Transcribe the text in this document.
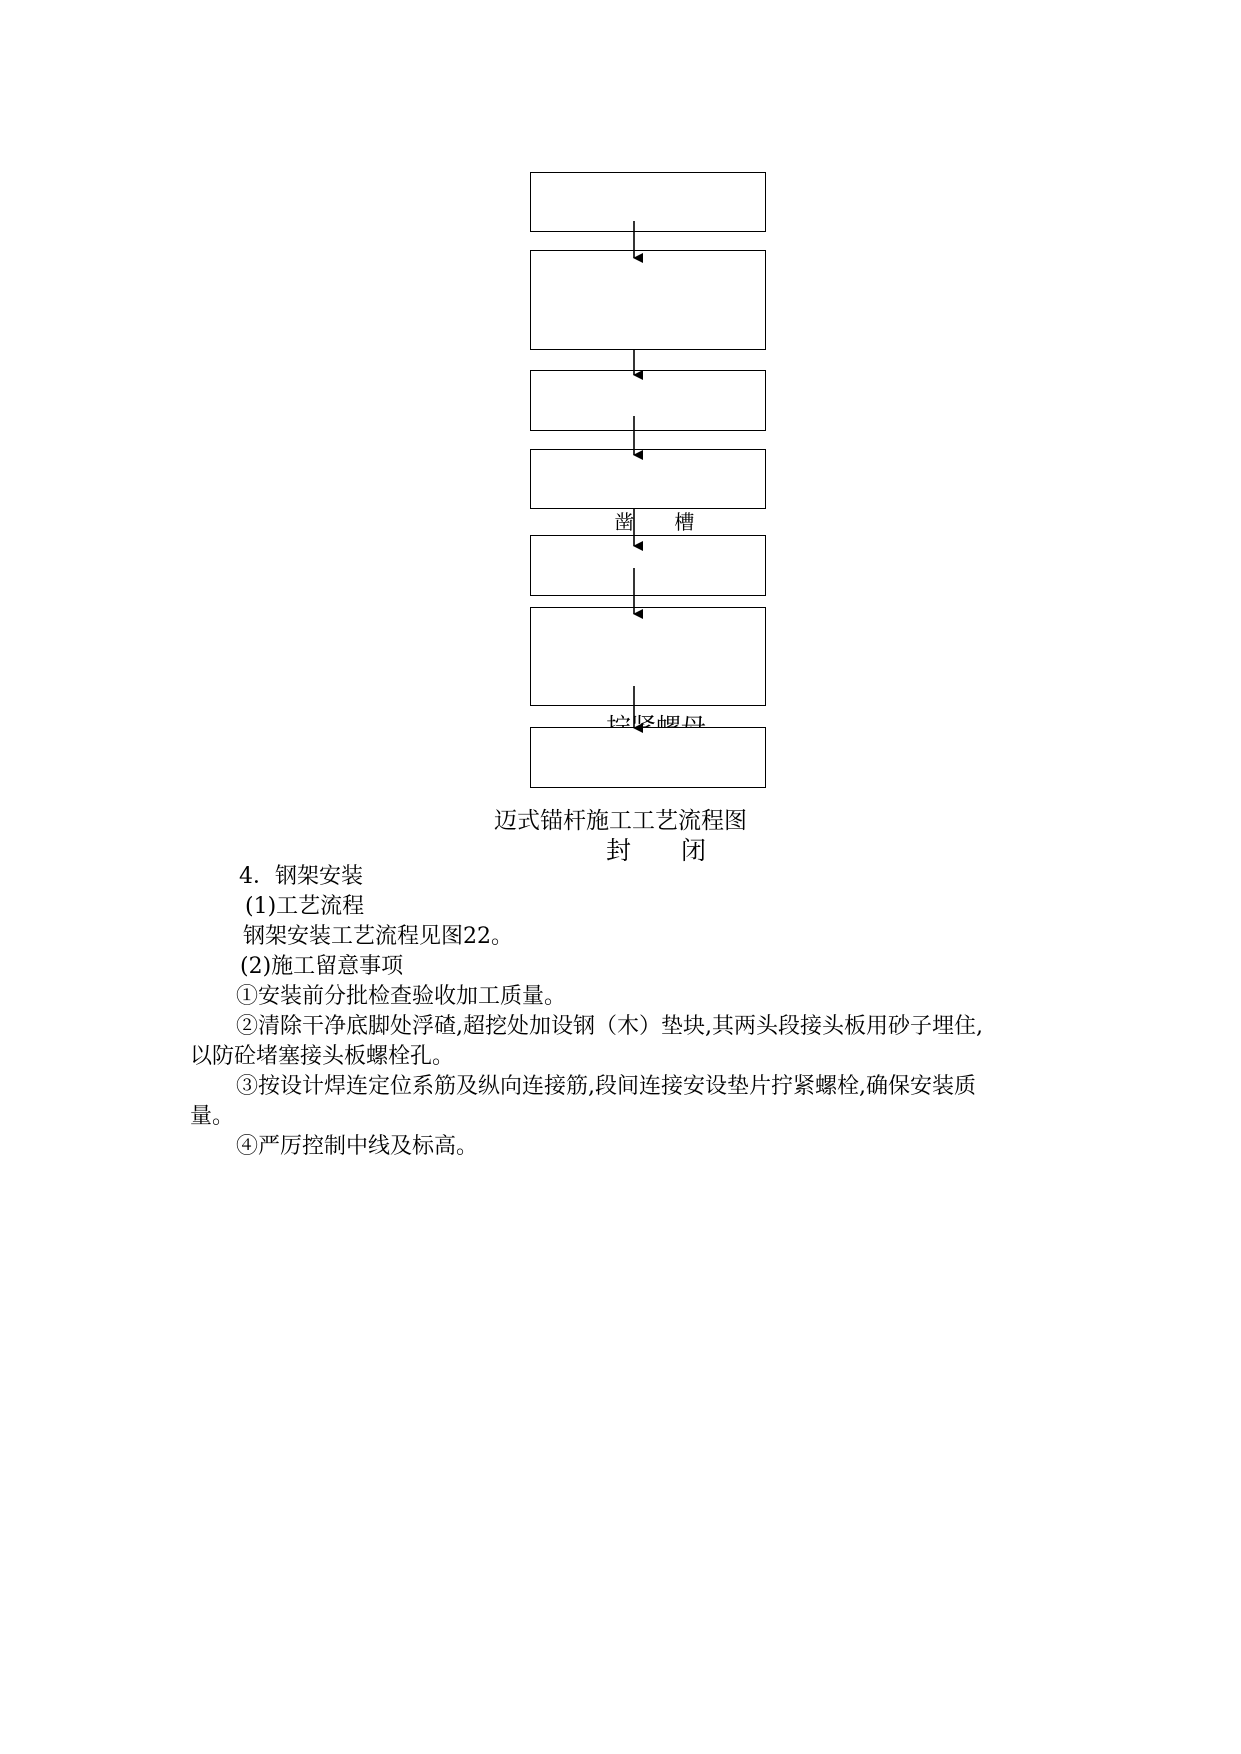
凿　　槽

封　　闭

迈式锚杆施工工艺流程图
4．钢架安装
(1)工艺流程
钢架安装工艺流程见图22。
(2)施工留意事项
①安装前分批检查验收加工质量。
②清除干净底脚处浮碴,超挖处加设钢（木）垫块,其两头段接头板用砂子埋住,
以防砼堵塞接头板螺栓孔。
③按设计焊连定位系筋及纵向连接筋,段间连接安设垫片拧紧螺栓,确保安装质
量。
④严厉控制中线及标高。
